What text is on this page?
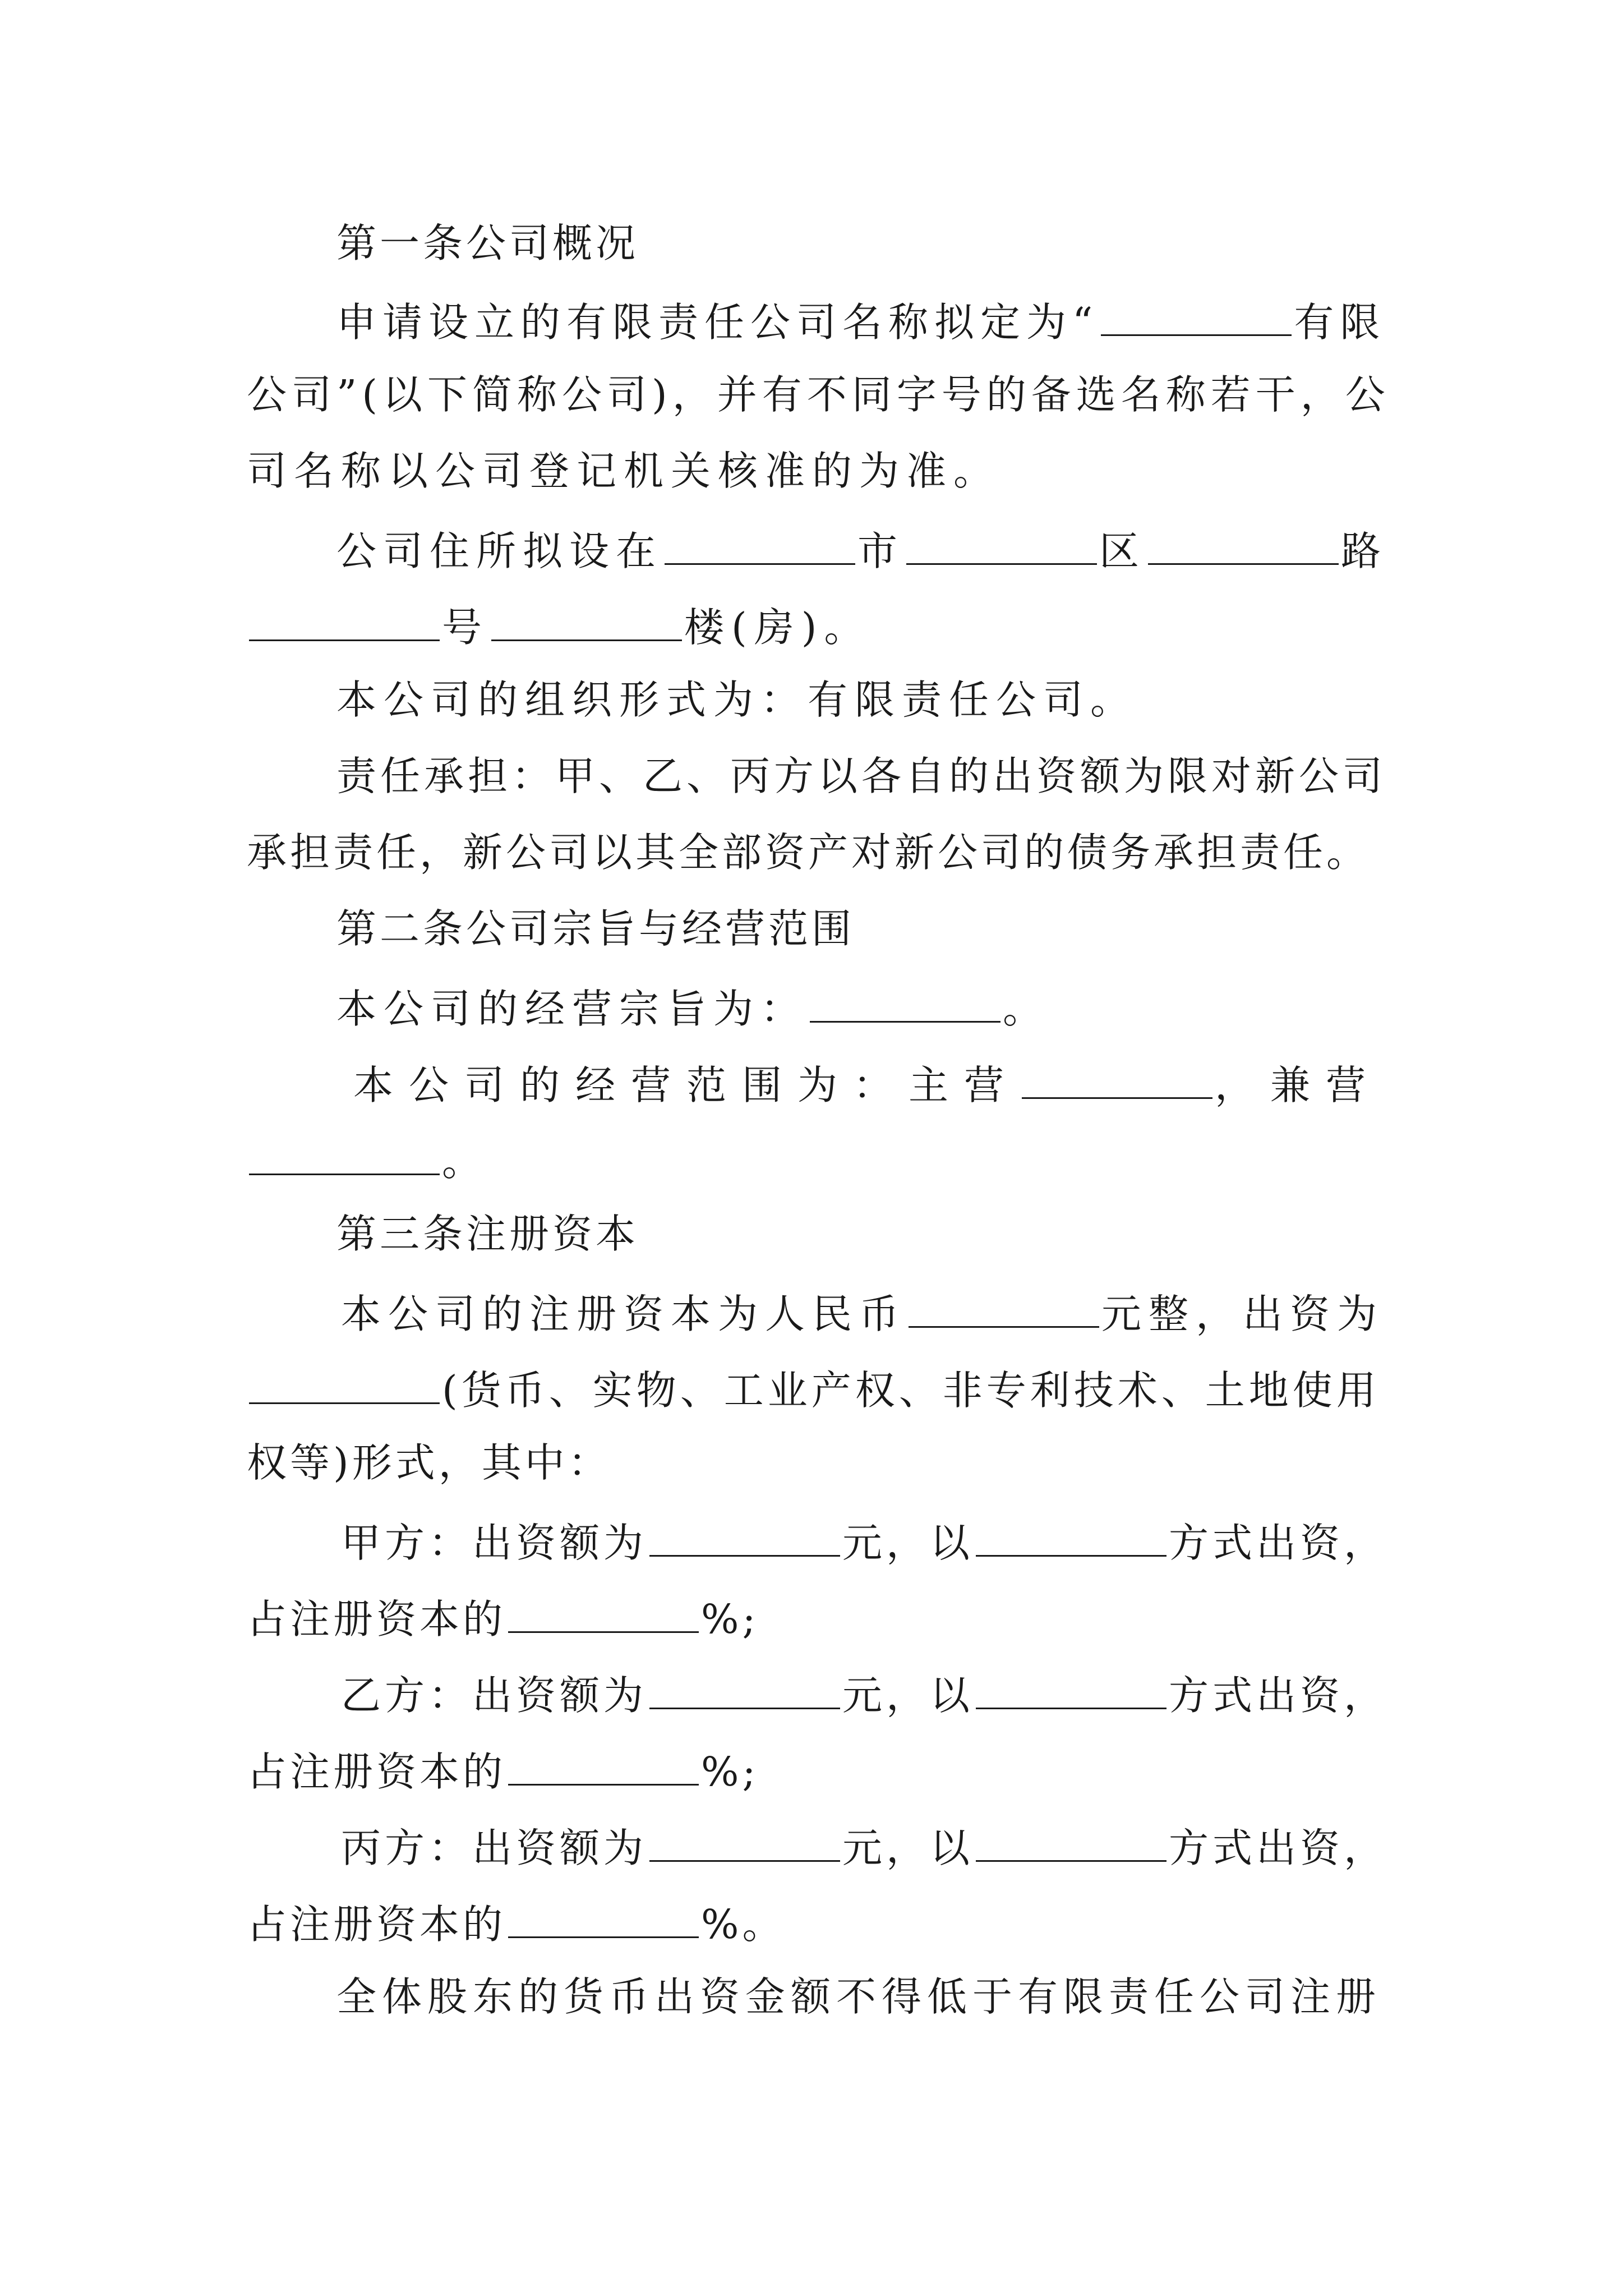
第一条公司概况
申请设立的有限责任公司名称拟定为“	有限
公司”(以下简称公司)，并有不同字号的备选名称若干，公
司名称以公司登记机关核准的为准。
公司住所拟设在	市	区	路
号	楼(房)。
本公司的组织形式为：有限责任公司。
责任承担：甲、乙、丙方以各自的出资额为限对新公司
承担责任，新公司以其全部资产对新公司的债务承担责任。
第二条公司宗旨与经营范围
本公司的经营宗旨为：	。
本公司的经营范围为：主营	，兼营
。
第三条注册资本
本公司的注册资本为人民币	元整，出资为
(货币、实物、工业产权、非专利技术、土地使用
权等)形式，其中：
甲方：出资额为	元，以	方式出资，
占注册资本的	%;
乙方：出资额为	元，以	方式出资，
占注册资本的	%;
丙方：出资额为	元，以	方式出资，
占注册资本的	%。
全体股东的货币出资金额不得低于有限责任公司注册
